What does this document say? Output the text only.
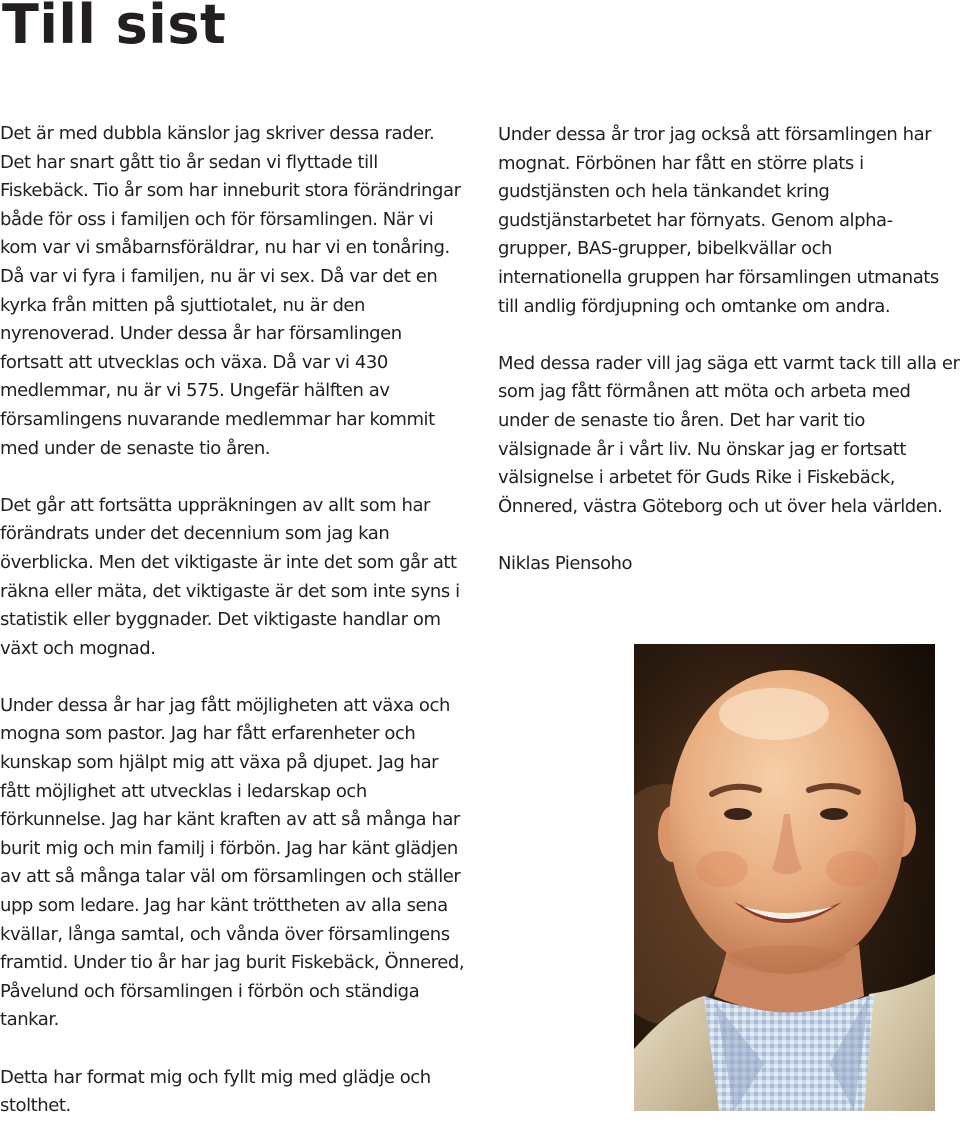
Till sist

Det är med dubbla känslor jag skriver dessa rader. Det har snart gått tio år sedan vi flyttade till Fiskebäck. Tio år som har inneburit stora förändringar både för oss i familjen och för församlingen. När vi kom var vi småbarnsföräldrar, nu har vi en tonåring. Då var vi fyra i familjen, nu är vi sex. Då var det en kyrka från mitten på sjuttiotalet, nu är den nyrenoverad. Under dessa år har församlingen fortsatt att utvecklas och växa. Då var vi 430 medlemmar, nu är vi 575. Ungefär hälften av församlingens nuvarande medlemmar har kommit med under de senaste tio åren.

Det går att fortsätta uppräkningen av allt som har förändrats under det decennium som jag kan överblicka. Men det viktigaste är inte det som går att räkna eller mäta, det viktigaste är det som inte syns i statistik eller byggnader. Det viktigaste handlar om växt och mognad.

Under dessa år har jag fått möjligheten att växa och mogna som pastor. Jag har fått erfarenheter och kunskap som hjälpt mig att växa på djupet. Jag har fått möjlighet att utvecklas i ledarskap och förkunnelse. Jag har känt kraften av att så många har burit mig och min familj i förbön. Jag har känt glädjen av att så många talar väl om församlingen och ställer upp som ledare. Jag har känt tröttheten av alla sena kvällar, långa samtal, och vånda över församlingens framtid. Under tio år har jag burit Fiskebäck, Önnered, Påvelund och församlingen i förbön och ständiga tankar.

Detta har format mig och fyllt mig med glädje och stolthet.

Under dessa år tror jag också att församlingen har mognat. Förbönen har fått en större plats i gudstjänsten och hela tänkandet kring gudstjänstarbetet har förnyats. Genom alpha-grupper, BAS-grupper, bibelkvällar och internationella gruppen har församlingen utmanats till andlig fördjupning och omtanke om andra.

Med dessa rader vill jag säga ett varmt tack till alla er som jag fått förmånen att möta och arbeta med under de senaste tio åren. Det har varit tio välsignade år i vårt liv. Nu önskar jag er fortsatt välsignelse i arbetet för Guds Rike i Fiskebäck, Önnered, västra Göteborg och ut över hela världen.

Niklas Piensoho
